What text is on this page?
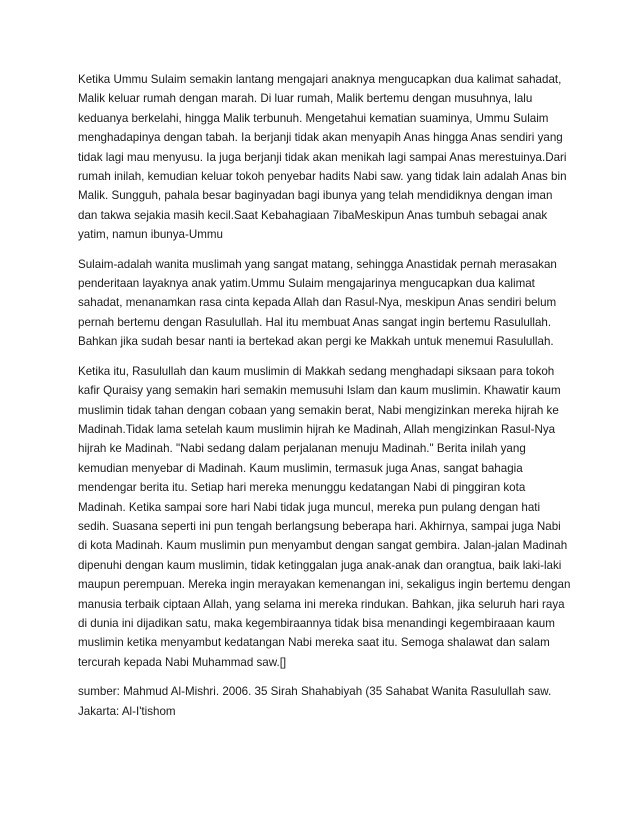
Ketika Ummu Sulaim semakin lantang mengajari anaknya mengucapkan dua kalimat sahadat, Malik keluar rumah dengan marah. Di luar rumah, Malik bertemu dengan musuhnya, lalu keduanya berkelahi, hingga Malik terbunuh. Mengetahui kematian suaminya, Ummu Sulaim menghadapinya dengan tabah. Ia berjanji tidak akan menyapih Anas hingga Anas sendiri yang tidak lagi mau menyusu. Ia juga berjanji tidak akan menikah lagi sampai Anas merestuinya.Dari rumah inilah, kemudian keluar tokoh penyebar hadits Nabi saw. yang tidak lain adalah Anas bin Malik. Sungguh, pahala besar baginyadan bagi ibunya yang telah mendidiknya dengan iman dan takwa sejakia masih kecil.Saat Kebahagiaan 7ibaMeskipun Anas tumbuh sebagai anak yatim, namun ibunya-Ummu

Sulaim-adalah wanita muslimah yang sangat matang, sehingga Anastidak pernah merasakan penderitaan layaknya anak yatim.Ummu Sulaim mengajarinya mengucapkan dua kalimat sahadat, menanamkan rasa cinta kepada Allah dan Rasul-Nya, meskipun Anas sendiri belum pernah bertemu dengan Rasulullah. Hal itu membuat Anas sangat ingin bertemu Rasulullah. Bahkan jika sudah besar nanti ia bertekad akan pergi ke Makkah untuk menemui Rasulullah.

Ketika itu, Rasulullah dan kaum muslimin di Makkah sedang menghadapi siksaan para tokoh kafir Quraisy yang semakin hari semakin memusuhi Islam dan kaum muslimin. Khawatir kaum muslimin tidak tahan dengan cobaan yang semakin berat, Nabi mengizinkan mereka hijrah ke Madinah.Tidak lama setelah kaum muslimin hijrah ke Madinah, Allah mengizinkan Rasul-Nya hijrah ke Madinah. "Nabi sedang dalam perjalanan menuju Madinah." Berita inilah yang kemudian menyebar di Madinah. Kaum muslimin, termasuk juga Anas, sangat bahagia mendengar berita itu. Setiap hari mereka menunggu kedatangan Nabi di pinggiran kota Madinah. Ketika sampai sore hari Nabi tidak juga muncul, mereka pun pulang dengan hati sedih. Suasana seperti ini pun tengah berlangsung beberapa hari. Akhirnya, sampai juga Nabi di kota Madinah. Kaum muslimin pun menyambut dengan sangat gembira. Jalan-jalan Madinah dipenuhi dengan kaum muslimin, tidak ketinggalan juga anak-anak dan orangtua, baik laki-laki maupun perempuan. Mereka ingin merayakan kemenangan ini, sekaligus ingin bertemu dengan manusia terbaik ciptaan Allah, yang selama ini mereka rindukan. Bahkan, jika seluruh hari raya di dunia ini dijadikan satu, maka kegembiraannya tidak bisa menandingi kegembiraaan kaum muslimin ketika menyambut kedatangan Nabi mereka saat itu. Semoga shalawat dan salam tercurah kepada Nabi Muhammad saw.[]

sumber: Mahmud Al-Mishri. 2006. 35 Sirah Shahabiyah (35 Sahabat Wanita Rasulullah saw. Jakarta: Al-I'tishom
